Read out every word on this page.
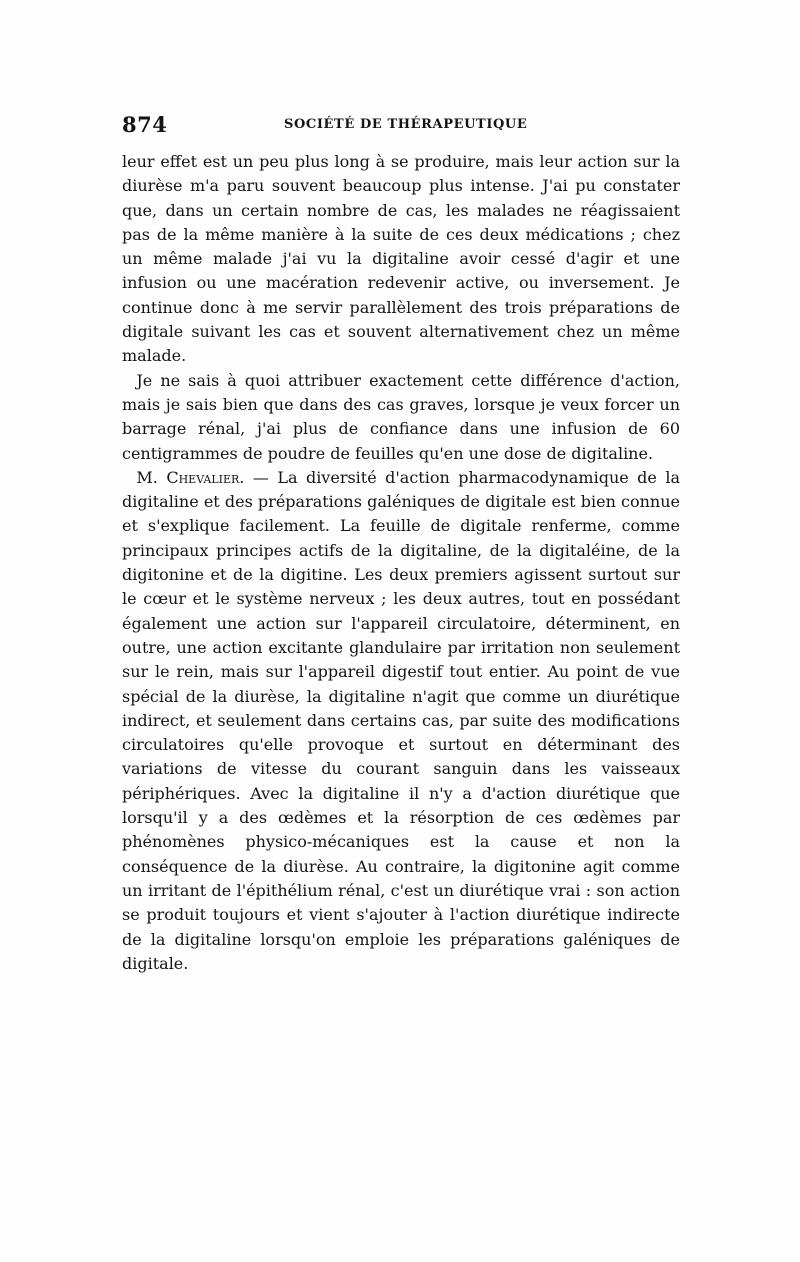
874	SOCIÉTÉ DE THÉRAPEUTIQUE

leur effet est un peu plus long à se produire, mais leur action sur la diurèse m'a paru souvent beaucoup plus intense. J'ai pu constater que, dans un certain nombre de cas, les malades ne réagissaient pas de la même manière à la suite de ces deux médications ; chez un même malade j'ai vu la digitaline avoir cessé d'agir et une infusion ou une macération redevenir active, ou inversement. Je continue donc à me servir parallèlement des trois préparations de digitale suivant les cas et souvent alternativement chez un même malade.

Je ne sais à quoi attribuer exactement cette différence d'action, mais je sais bien que dans des cas graves, lorsque je veux forcer un barrage rénal, j'ai plus de confiance dans une infusion de 60 centigrammes de poudre de feuilles qu'en une dose de digitaline.

M. Chevalier. — La diversité d'action pharmacodynamique de la digitaline et des préparations galéniques de digitale est bien connue et s'explique facilement. La feuille de digitale renferme, comme principaux principes actifs de la digitaline, de la digitaléine, de la digitonine et de la digitine. Les deux premiers agissent surtout sur le cœur et le système nerveux ; les deux autres, tout en possédant également une action sur l'appareil circulatoire, déterminent, en outre, une action excitante glandulaire par irritation non seulement sur le rein, mais sur l'appareil digestif tout entier. Au point de vue spécial de la diurèse, la digitaline n'agit que comme un diurétique indirect, et seulement dans certains cas, par suite des modifications circulatoires qu'elle provoque et surtout en déterminant des variations de vitesse du courant sanguin dans les vaisseaux périphériques. Avec la digitaline il n'y a d'action diurétique que lorsqu'il y a des œdèmes et la résorption de ces œdèmes par phénomènes physico-mécaniques est la cause et non la conséquence de la diurèse. Au contraire, la digitonine agit comme un irritant de l'épithélium rénal, c'est un diurétique vrai : son action se produit toujours et vient s'ajouter à l'action diurétique indirecte de la digitaline lorsqu'on emploie les préparations galéniques de digitale.
